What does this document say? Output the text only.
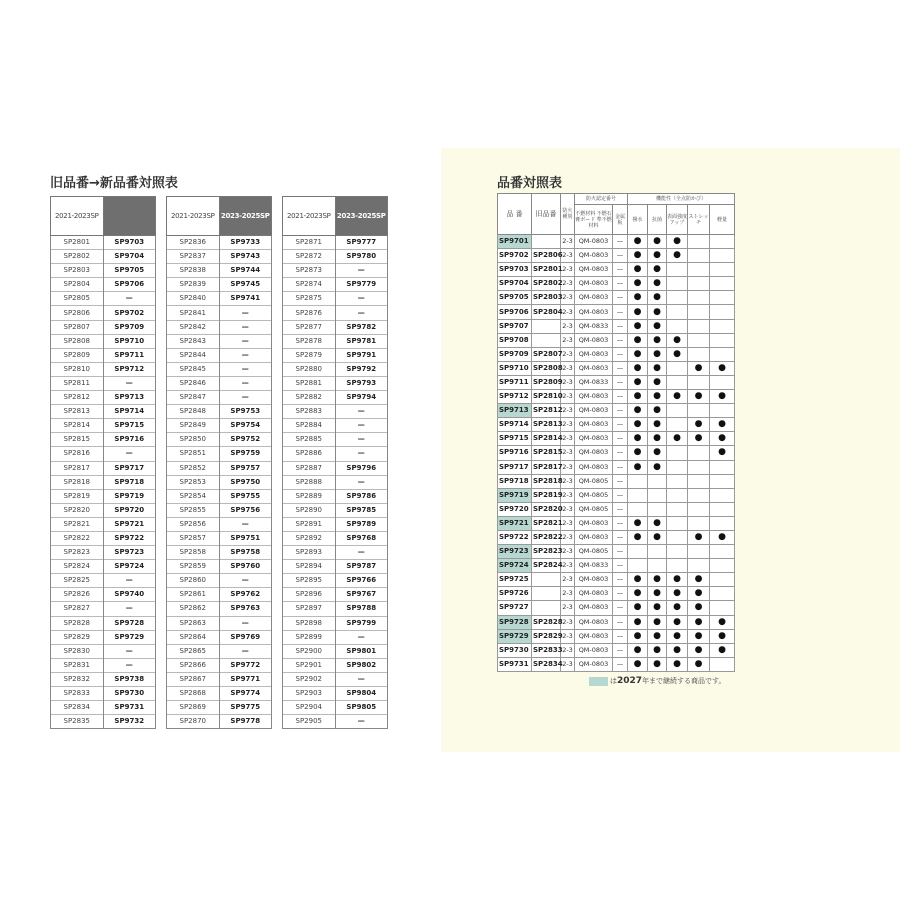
旧品番→新品番対照表
2021-2023SP	
SP2801	SP9703
SP2802	SP9704
SP2803	SP9705
SP2804	SP9706
SP2805	—
SP2806	SP9702
SP2807	SP9709
SP2808	SP9710
SP2809	SP9711
SP2810	SP9712
SP2811	—
SP2812	SP9713
SP2813	SP9714
SP2814	SP9715
SP2815	SP9716
SP2816	—
SP2817	SP9717
SP2818	SP9718
SP2819	SP9719
SP2820	SP9720
SP2821	SP9721
SP2822	SP9722
SP2823	SP9723
SP2824	SP9724
SP2825	—
SP2826	SP9740
SP2827	—
SP2828	SP9728
SP2829	SP9729
SP2830	—
SP2831	—
SP2832	SP9738
SP2833	SP9730
SP2834	SP9731
SP2835	SP9732
2021-2023SP	2023-2025SP
SP2836	SP9733
SP2837	SP9743
SP2838	SP9744
SP2839	SP9745
SP2840	SP9741
SP2841	—
SP2842	—
SP2843	—
SP2844	—
SP2845	—
SP2846	—
SP2847	—
SP2848	SP9753
SP2849	SP9754
SP2850	SP9752
SP2851	SP9759
SP2852	SP9757
SP2853	SP9750
SP2854	SP9755
SP2855	SP9756
SP2856	—
SP2857	SP9751
SP2858	SP9758
SP2859	SP9760
SP2860	—
SP2861	SP9762
SP2862	SP9763
SP2863	—
SP2864	SP9769
SP2865	—
SP2866	SP9772
SP2867	SP9771
SP2868	SP9774
SP2869	SP9775
SP2870	SP9778
2021-2023SP	2023-2025SP
SP2871	SP9777
SP2872	SP9780
SP2873	—
SP2874	SP9779
SP2875	—
SP2876	—
SP2877	SP9782
SP2878	SP9781
SP2879	SP9791
SP2880	SP9792
SP2881	SP9793
SP2882	SP9794
SP2883	—
SP2884	—
SP2885	—
SP2886	—
SP2887	SP9796
SP2888	—
SP2889	SP9786
SP2890	SP9785
SP2891	SP9789
SP2892	SP9768
SP2893	—
SP2894	SP9787
SP2895	SP9766
SP2896	SP9767
SP2897	SP9788
SP2898	SP9799
SP2899	—
SP2900	SP9801
SP2901	SP9802
SP2902	—
SP2903	SP9804
SP2904	SP9805
SP2905	—
品番対照表
品 番	旧品番	防火種別	防火認定番号		機能性（全点防かび）				
			不燃材料 不燃石膏ボード 準不燃材料	金属板	撥水	抗菌	表面強度アップ	ストレッチ	軽量
SP9701		2-3	QM-0803	—	●	●	●		
SP9702	SP2806	2-3	QM-0803	—	●	●	●		
SP9703	SP2801	2-3	QM-0803	—	●	●			
SP9704	SP2802	2-3	QM-0803	—	●	●			
SP9705	SP2803	2-3	QM-0803	—	●	●			
SP9706	SP2804	2-3	QM-0803	—	●	●			
SP9707		2-3	QM-0833	—	●	●			
SP9708		2-3	QM-0803	—	●	●	●		
SP9709	SP2807	2-3	QM-0803	—	●	●	●		
SP9710	SP2808	2-3	QM-0803	—	●	●		●	●
SP9711	SP2809	2-3	QM-0833	—	●	●			
SP9712	SP2810	2-3	QM-0803	—	●	●	●	●	●
SP9713	SP2812	2-3	QM-0803	—	●	●			
SP9714	SP2813	2-3	QM-0803	—	●	●		●	●
SP9715	SP2814	2-3	QM-0803	—	●	●	●	●	●
SP9716	SP2815	2-3	QM-0803	—	●	●			●
SP9717	SP2817	2-3	QM-0803	—	●	●			
SP9718	SP2818	2-3	QM-0805	—					
SP9719	SP2819	2-3	QM-0805	—					
SP9720	SP2820	2-3	QM-0805	—					
SP9721	SP2821	2-3	QM-0803	—	●	●			
SP9722	SP2822	2-3	QM-0803	—	●	●		●	●
SP9723	SP2823	2-3	QM-0805	—					
SP9724	SP2824	2-3	QM-0833	—					
SP9725		2-3	QM-0803	—	●	●	●	●	
SP9726		2-3	QM-0803	—	●	●	●	●	
SP9727		2-3	QM-0803	—	●	●	●	●	
SP9728	SP2828	2-3	QM-0803	—	●	●	●	●	●
SP9729	SP2829	2-3	QM-0803	—	●	●	●	●	●
SP9730	SP2833	2-3	QM-0803	—	●	●	●	●	●
SP9731	SP2834	2-3	QM-0803	—	●	●	●	●	
は2027年まで継続する商品です。
